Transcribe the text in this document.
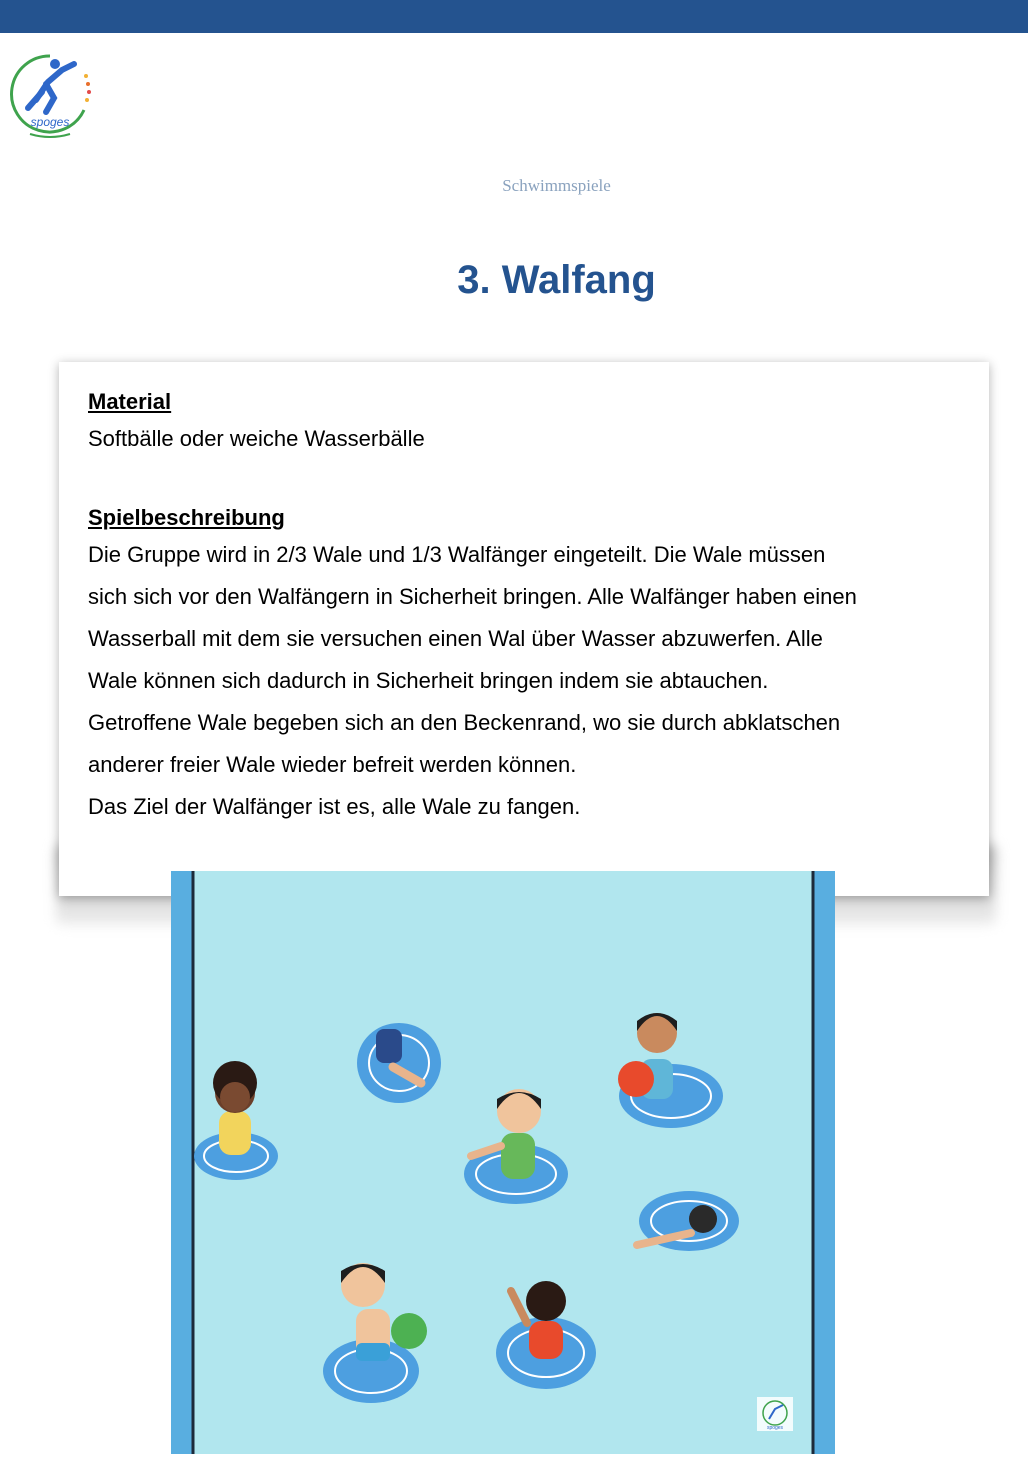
spoges
Schwimmspiele
3. Walfang
Material
Softbälle oder weiche Wasserbälle
Spielbeschreibung
Die Gruppe wird in 2/3 Wale und 1/3 Walfänger eingeteilt. Die Wale müssen
sich sich vor den Walfängern in Sicherheit bringen. Alle Walfänger haben einen
Wasserball mit dem sie versuchen einen Wal über Wasser abzuwerfen. Alle
Wale können sich dadurch in Sicherheit bringen indem sie abtauchen.
Getroffene Wale begeben sich an den Beckenrand, wo sie durch abklatschen
anderer freier Wale wieder befreit werden können.
Das Ziel der Walfänger ist es, alle Wale zu fangen.
spoges
